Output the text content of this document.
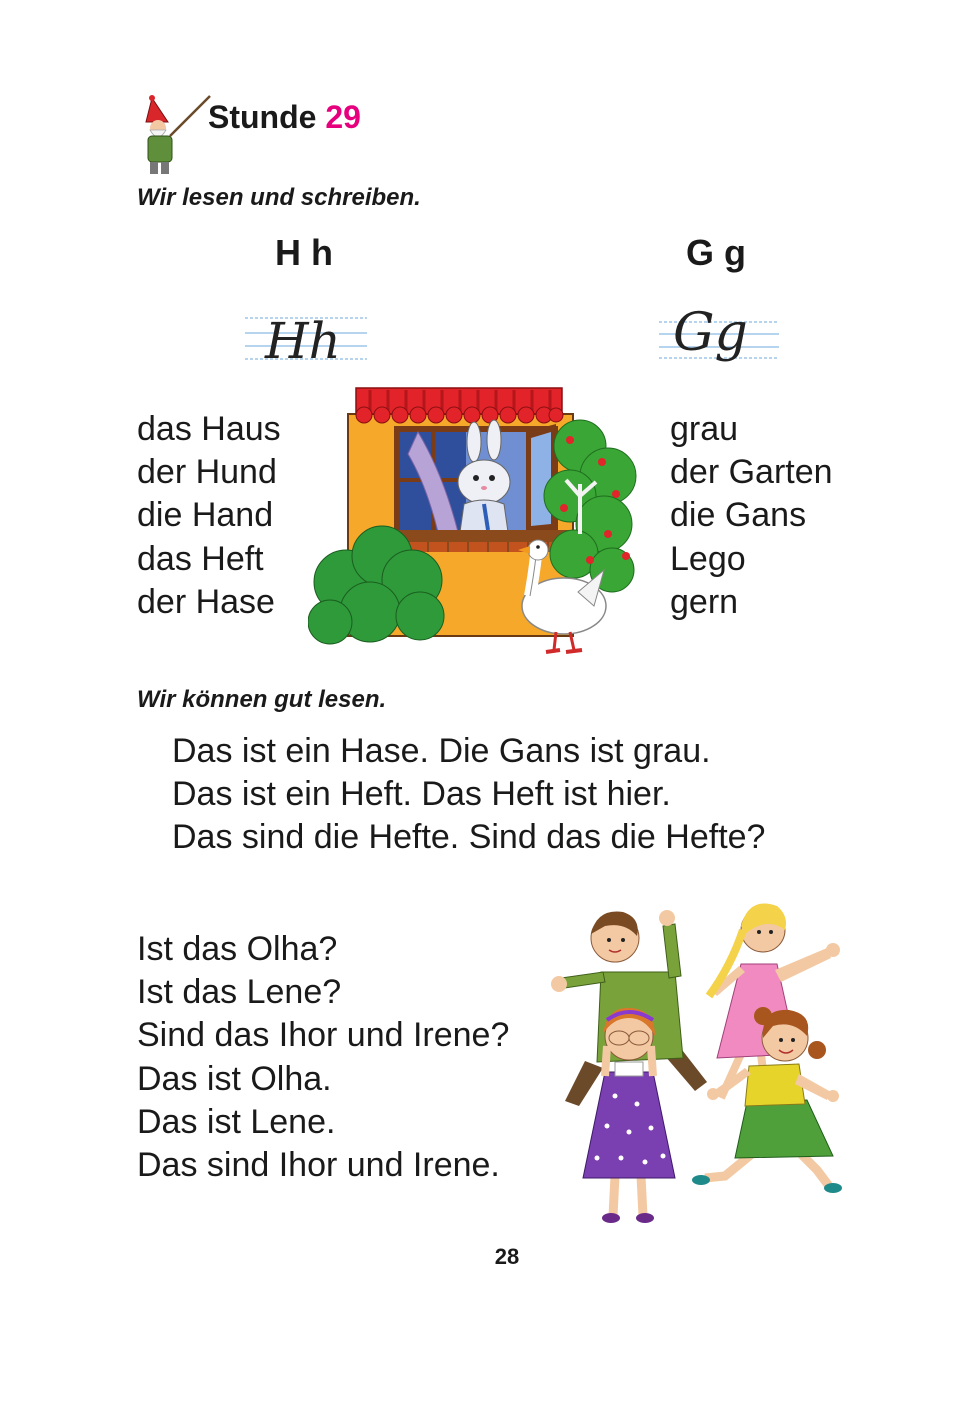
Stunde 29
Wir lesen und schreiben.
H h	G g
Hh	Gg
das Haus
der Hund
die Hand
das Heft
der Hase
grau
der Garten
die Gans
Lego
gern
Wir können gut lesen.
Das ist ein Hase. Die Gans ist grau.
Das ist ein Heft. Das Heft ist hier.
Das sind die Hefte. Sind das die Hefte?
Ist das Olha?
Ist das Lene?
Sind das Ihor und Irene?
Das ist Olha.
Das ist Lene.
Das sind Ihor und Irene.
28
